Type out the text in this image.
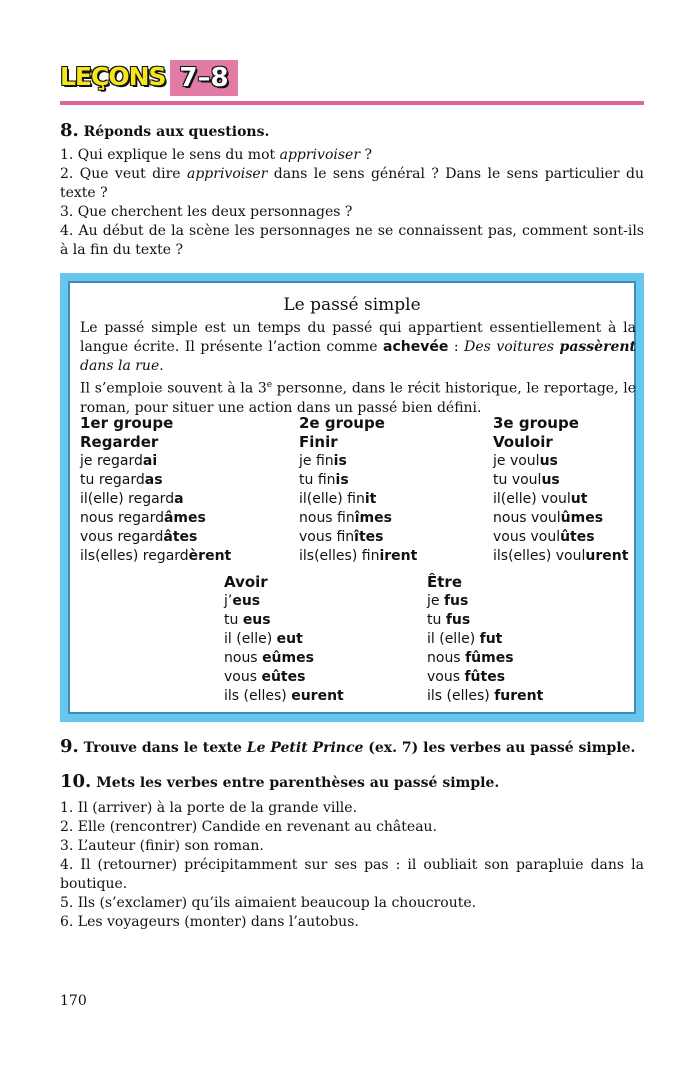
LEÇONS 7–8
8. Réponds aux questions.
1. Qui explique le sens du mot apprivoiser ?
2. Que veut dire apprivoiser dans le sens général ? Dans le sens particulier du texte ?
3. Que cherchent les deux personnages ?
4. Au début de la scène les personnages ne se connaissent pas, comment sont-ils à la fin du texte ?
Le passé simple
Le passé simple est un temps du passé qui appartient essentiellement à la langue écrite. Il présente l’action comme achevée : Des voitures passèrent dans la rue.
Il s’emploie souvent à la 3e personne, dans le récit historique, le reportage, le roman, pour situer une action dans un passé bien défini.
1er groupe
Regarder
je regardai
tu regardas
il(elle) regarda
nous regardâmes
vous regardâtes
ils(elles) regardèrent
2e groupe
Finir
je finis
tu finis
il(elle) finit
nous finîmes
vous finîtes
ils(elles) finirent
3e groupe
Vouloir
je voulus
tu voulus
il(elle) voulut
nous voulûmes
vous voulûtes
ils(elles) voulurent
Avoir
j’eus
tu eus
il (elle) eut
nous eûmes
vous eûtes
ils (elles) eurent
Être
je fus
tu fus
il (elle) fut
nous fûmes
vous fûtes
ils (elles) furent
9. Trouve dans le texte Le Petit Prince (ex. 7) les verbes au passé simple.
10. Mets les verbes entre parenthèses au passé simple.
1. Il (arriver) à la porte de la grande ville.
2. Elle (rencontrer) Candide en revenant au château.
3. L’auteur (finir) son roman.
4. Il (retourner) précipitamment sur ses pas : il oubliait son parapluie dans la boutique.
5. Ils (s’exclamer) qu’ils aimaient beaucoup la choucroute.
6. Les voyageurs (monter) dans l’autobus.
170
